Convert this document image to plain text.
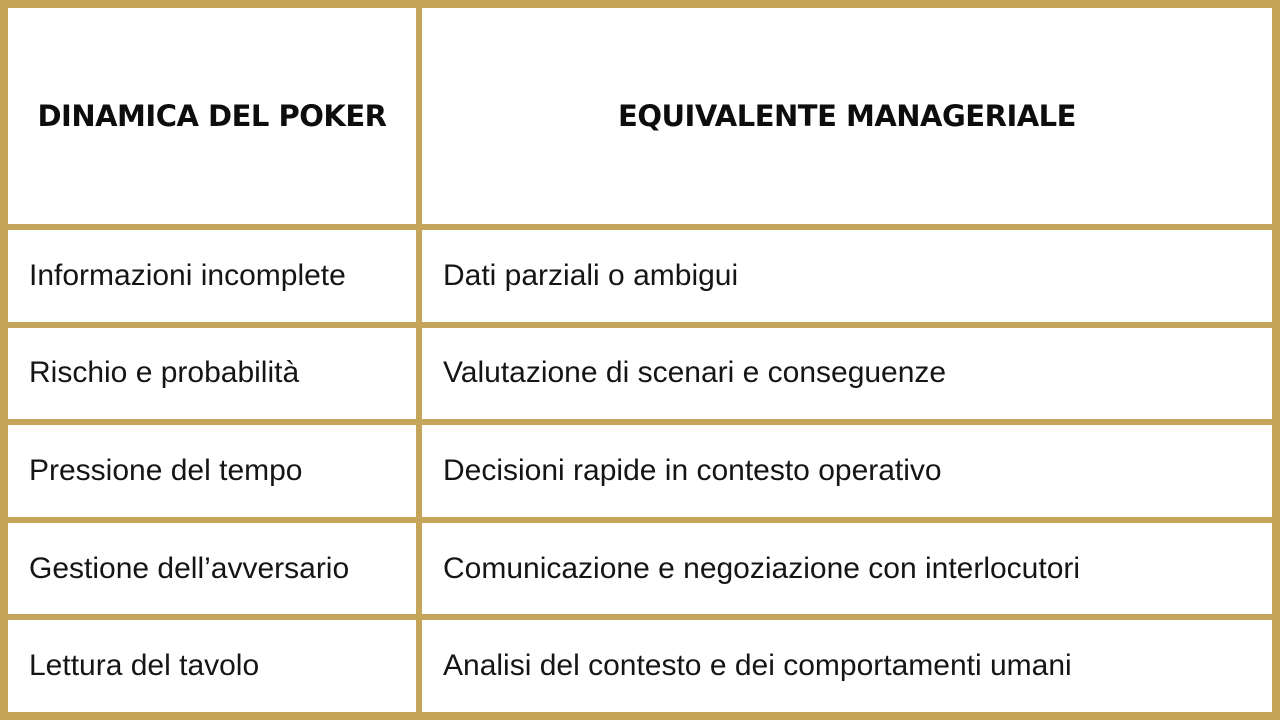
DINAMICA DEL POKER	EQUIVALENTE MANAGERIALE
Informazioni incomplete	Dati parziali o ambigui
Rischio e probabilità	Valutazione di scenari e conseguenze
Pressione del tempo	Decisioni rapide in contesto operativo
Gestione dell’avversario	Comunicazione e negoziazione con interlocutori
Lettura del tavolo	Analisi del contesto e dei comportamenti umani
